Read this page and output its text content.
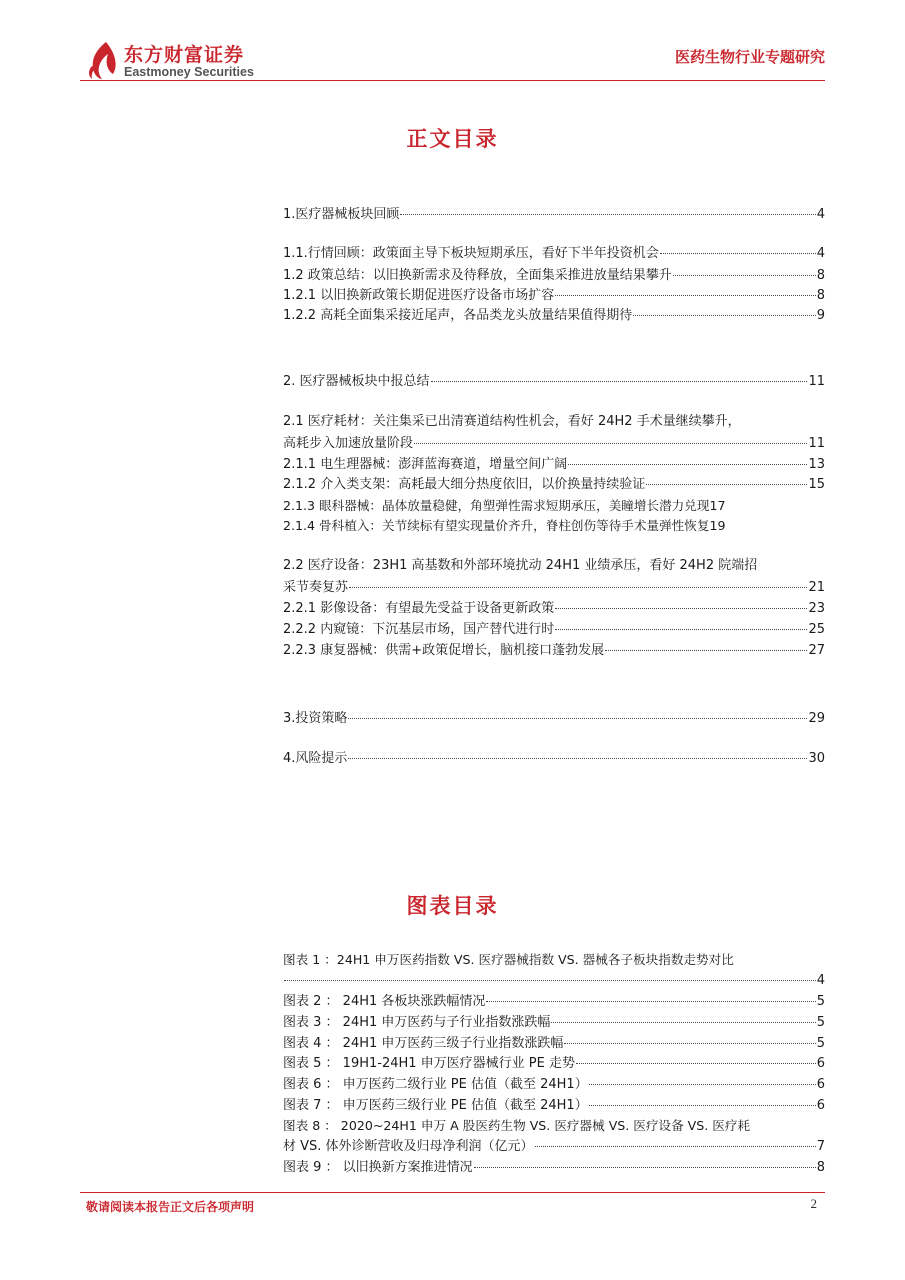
东方财富证券
Eastmoney Securities
医药生物行业专题研究
正文目录
1.医疗器械板块回顾	4
1.1.行情回顾：政策面主导下板块短期承压，看好下半年投资机会	4
1.2 政策总结：以旧换新需求及待释放，全面集采推进放量结果攀升	8
1.2.1 以旧换新政策长期促进医疗设备市场扩容	8
1.2.2 高耗全面集采接近尾声，各品类龙头放量结果值得期待	9
2. 医疗器械板块中报总结	11
2.1 医疗耗材：关注集采已出清赛道结构性机会，看好 24H2 手术量继续攀升，
高耗步入加速放量阶段	11
2.1.1 电生理器械：澎湃蓝海赛道，增量空间广阔	13
2.1.2 介入类支架：高耗最大细分热度依旧，以价换量持续验证	15
2.1.3 眼科器械：晶体放量稳健，角塑弹性需求短期承压，美瞳增长潜力兑现 17
2.1.4 骨科植入：关节续标有望实现量价齐升，脊柱创伤等待手术量弹性恢复 19
2.2 医疗设备：23H1 高基数和外部环境扰动 24H1 业绩承压，看好 24H2 院端招
采节奏复苏	21
2.2.1 影像设备：有望最先受益于设备更新政策	23
2.2.2 内窥镜：下沉基层市场，国产替代进行时	25
2.2.3 康复器械：供需+政策促增长，脑机接口蓬勃发展	27
3.投资策略	29
4.风险提示	30
图表目录
图表 1 ：24H1 申万医药指数 VS. 医疗器械指数 VS. 器械各子板块指数走势对比
4
图表 2 ： 24H1 各板块涨跌幅情况	5
图表 3 ： 24H1 申万医药与子行业指数涨跌幅	5
图表 4 ： 24H1 申万医药三级子行业指数涨跌幅	5
图表 5 ： 19H1-24H1 申万医疗器械行业 PE 走势	6
图表 6 ： 申万医药二级行业 PE 估值（截至 24H1）	6
图表 7 ： 申万医药三级行业 PE 估值（截至 24H1）	6
图表 8 ： 2020~24H1 申万 A 股医药生物 VS. 医疗器械 VS. 医疗设备 VS. 医疗耗
材 VS. 体外诊断营收及归母净利润（亿元）	7
图表 9 ： 以旧换新方案推进情况	8
敬请阅读本报告正文后各项声明	2
